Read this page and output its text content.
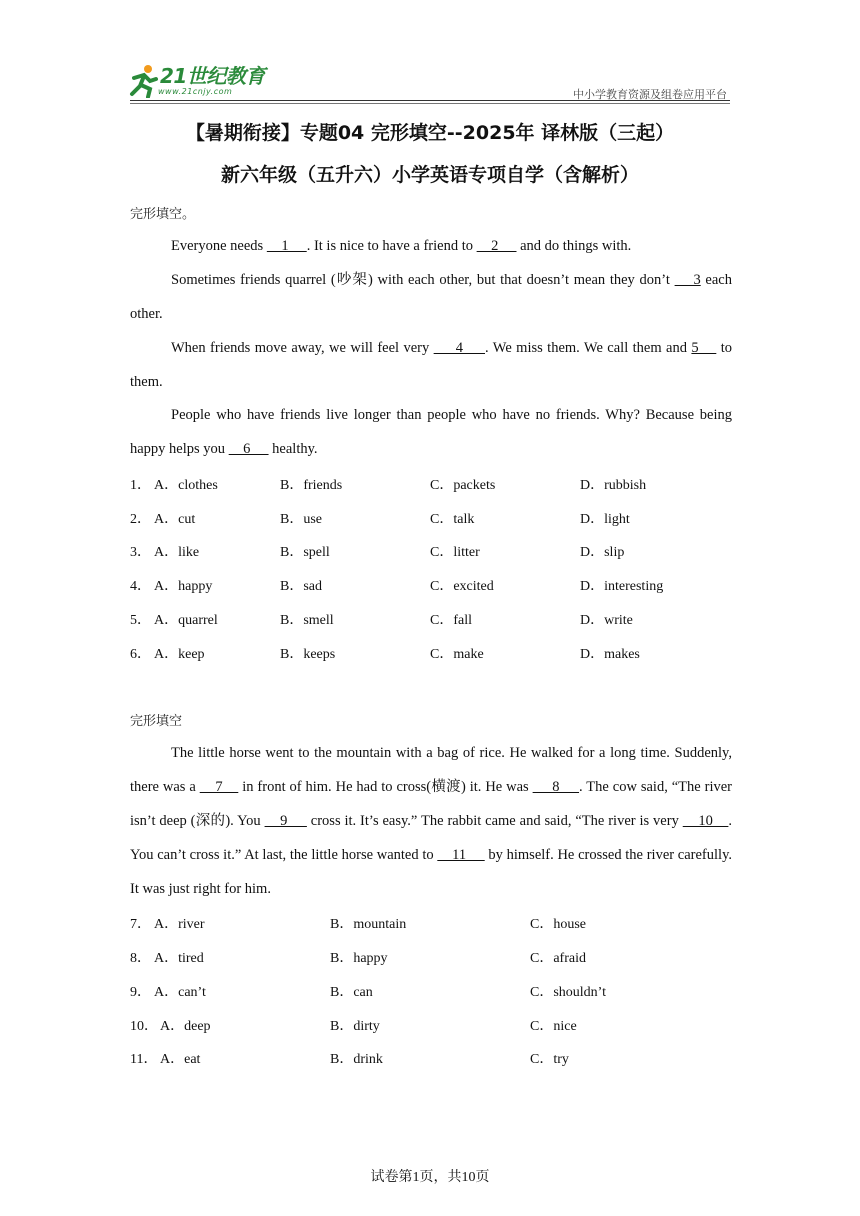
21世纪教育
www.21cnjy.com	中小学教育资源及组卷应用平台
【暑期衔接】专题04 完形填空--2025年 译林版（三起）
新六年级（五升六）小学英语专项自学（含解析）
完形填空。
Everyone needs     1     . It is nice to have a friend to     2      and do things with.
Sometimes friends quarrel (吵架) with each other, but that doesn’t mean they don’t     3 each other.
When friends move away, we will feel very      4     . We miss them. We call them and 5     to them.
People who have friends live longer than people who have no friends. Why? Because being happy helps you     6      healthy.
1． A．clothes	B．friends	C．packets	D．rubbish
2． A．cut	B．use	C．talk	D．light
3． A．like	B．spell	C．litter	D．slip
4． A．happy	B．sad	C．excited	D．interesting
5． A．quarrel	B．smell	C．fall	D．write
6． A．keep	B．keeps	C．make	D．makes
完形填空
The little horse went to the mountain with a bag of rice. He walked for a long time. Suddenly, there was a     7     in front of him. He had to cross(横渡) it. He was      8     . The cow said, “The river isn’t deep (深的). You     9      cross it. It’s easy.” The rabbit came and said, “The river is very     10    . You can’t cross it.” At last, the little horse wanted to     11      by himself. He crossed the river carefully. It was just right for him.
7． A．river	B．mountain	C．house
8． A．tired	B．happy	C．afraid
9． A．can’t	B．can	C．shouldn’t
10． A．deep	B．dirty	C．nice
11． A．eat	B．drink	C．try
试卷第1页，共10页
